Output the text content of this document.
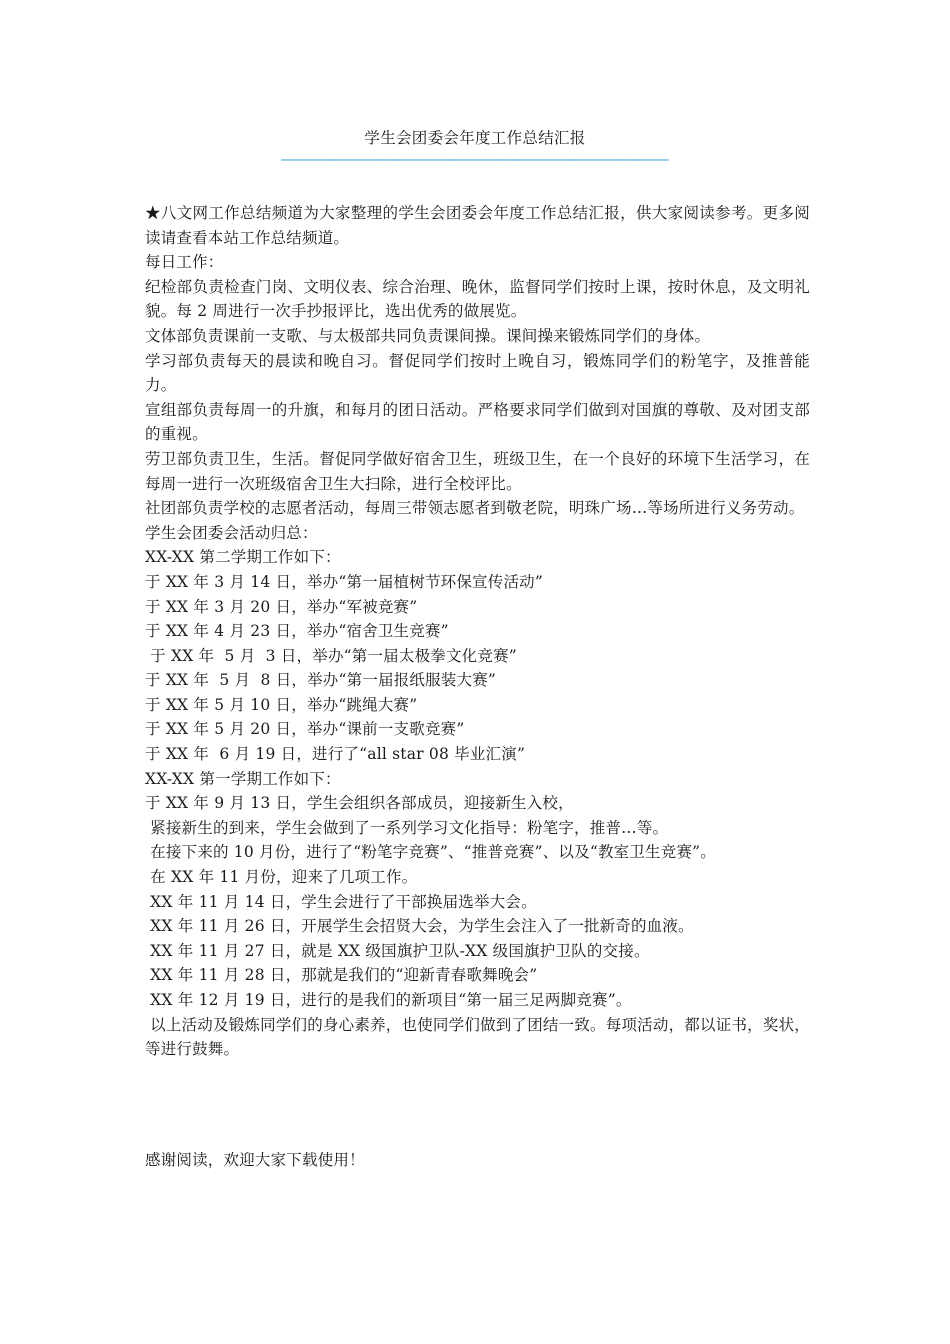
学生会团委会年度工作总结汇报
——————————————————————————————————————————

★八文网工作总结频道为大家整理的学生会团委会年度工作总结汇报，供大家阅读参考。更多阅读请查看本站工作总结频道。

每日工作：

纪检部负责检查门岗、文明仪表、综合治理、晚休，监督同学们按时上课，按时休息，及文明礼貌。每 2 周进行一次手抄报评比，选出优秀的做展览。

文体部负责课前一支歌、与太极部共同负责课间操。课间操来锻炼同学们的身体。

学习部负责每天的晨读和晚自习。督促同学们按时上晚自习，锻炼同学们的粉笔字，及推普能力。

宣组部负责每周一的升旗，和每月的团日活动。严格要求同学们做到对国旗的尊敬、及对团支部的重视。

劳卫部负责卫生，生活。督促同学做好宿舍卫生，班级卫生，在一个良好的环境下生活学习，在每周一进行一次班级宿舍卫生大扫除，进行全校评比。

社团部负责学校的志愿者活动，每周三带领志愿者到敬老院，明珠广场…等场所进行义务劳动。

学生会团委会活动归总：

XX-XX 第二学期工作如下：

于 XX 年 3 月 14 日，举办“第一届植树节环保宣传活动”

于 XX 年 3 月 20 日，举办“军被竞赛”

于 XX 年 4 月 23 日，举办“宿舍卫生竞赛”

于 XX 年  5 月  3 日，举办“第一届太极拳文化竞赛”

于 XX 年  5 月  8 日，举办“第一届报纸服装大赛”

于 XX 年 5 月 10 日，举办“跳绳大赛”

于 XX 年 5 月 20 日，举办“课前一支歌竞赛”

于 XX 年  6 月 19 日，进行了“all star 08 毕业汇演”

XX-XX 第一学期工作如下：

于 XX 年 9 月 13 日，学生会组织各部成员，迎接新生入校，

紧接新生的到来，学生会做到了一系列学习文化指导：粉笔字，推普…等。

在接下来的 10 月份，进行了“粉笔字竞赛”、“推普竞赛”、以及“教室卫生竞赛”。

在 XX 年 11 月份，迎来了几项工作。

XX 年 11 月 14 日，学生会进行了干部换届选举大会。

XX 年 11 月 26 日，开展学生会招贤大会，为学生会注入了一批新奇的血液。

XX 年 11 月 27 日，就是 XX 级国旗护卫队-XX 级国旗护卫队的交接。

XX 年 11 月 28 日，那就是我们的“迎新青春歌舞晚会”

XX 年 12 月 19 日，进行的是我们的新项目“第一届三足两脚竞赛”。

以上活动及锻炼同学们的身心素养，也使同学们做到了团结一致。每项活动，都以证书，奖状，等进行鼓舞。

感谢阅读，欢迎大家下载使用！
